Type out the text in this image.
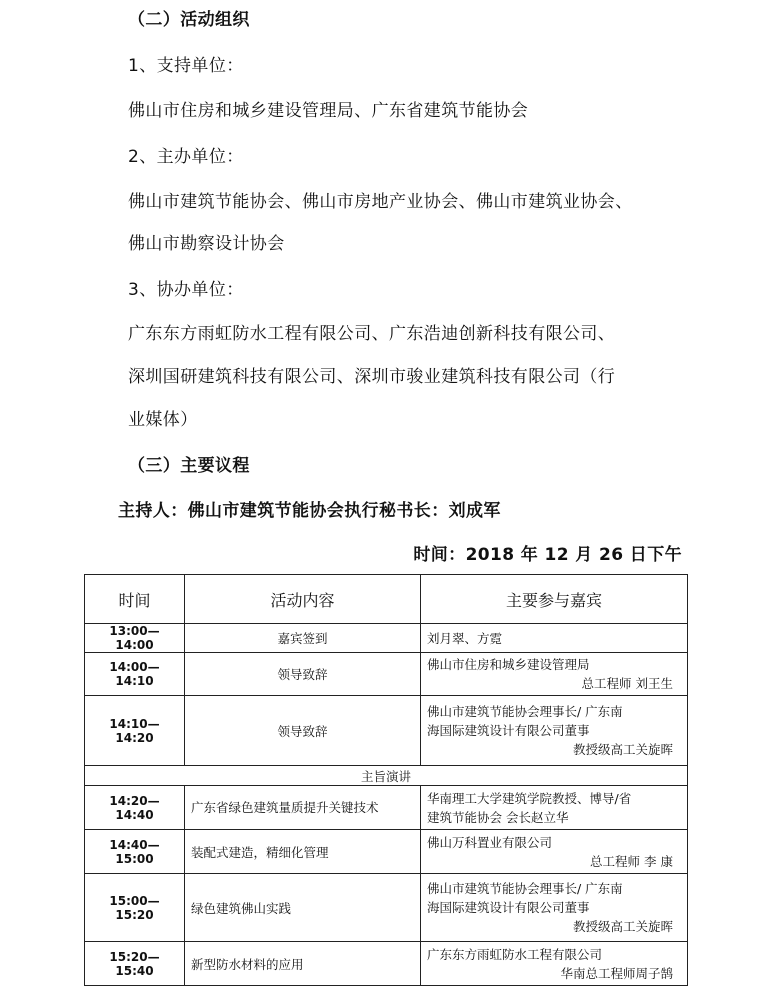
（二）活动组织
1、支持单位：
佛山市住房和城乡建设管理局、广东省建筑节能协会
2、主办单位：
佛山市建筑节能协会、佛山市房地产业协会、佛山市建筑业协会、
佛山市勘察设计协会
3、协办单位：
广东东方雨虹防水工程有限公司、广东浩迪创新科技有限公司、
深圳国研建筑科技有限公司、深圳市骏业建筑科技有限公司（行
业媒体）
（三）主要议程
主持人：佛山市建筑节能协会执行秘书长：刘成军
时间：2018 年 12 月 26 日下午
时间	活动内容	主要参与嘉宾
13:00—14:00	嘉宾签到	刘月翠、方霓

14:00—14:10	领导致辞	佛山市住房和城乡建设管理局
总工程师 刘王生

14:10—14:20	领导致辞	佛山市建筑节能协会理事长/ 广东南
海国际建筑设计有限公司董事
教授级高工关旋晖

主旨演讲		
14:20—14:40	广东省绿色建筑量质提升关键技术	华南理工大学建筑学院教授、博导/省
建筑节能协会 会长赵立华

14:40—15:00	装配式建造，精细化管理	佛山万科置业有限公司
总工程师 李 康

15:00—15:20	绿色建筑佛山实践	佛山市建筑节能协会理事长/ 广东南
海国际建筑设计有限公司董事
教授级高工关旋晖

15:20—15:40	新型防水材料的应用	广东东方雨虹防水工程有限公司
华南总工程师周子鹄
